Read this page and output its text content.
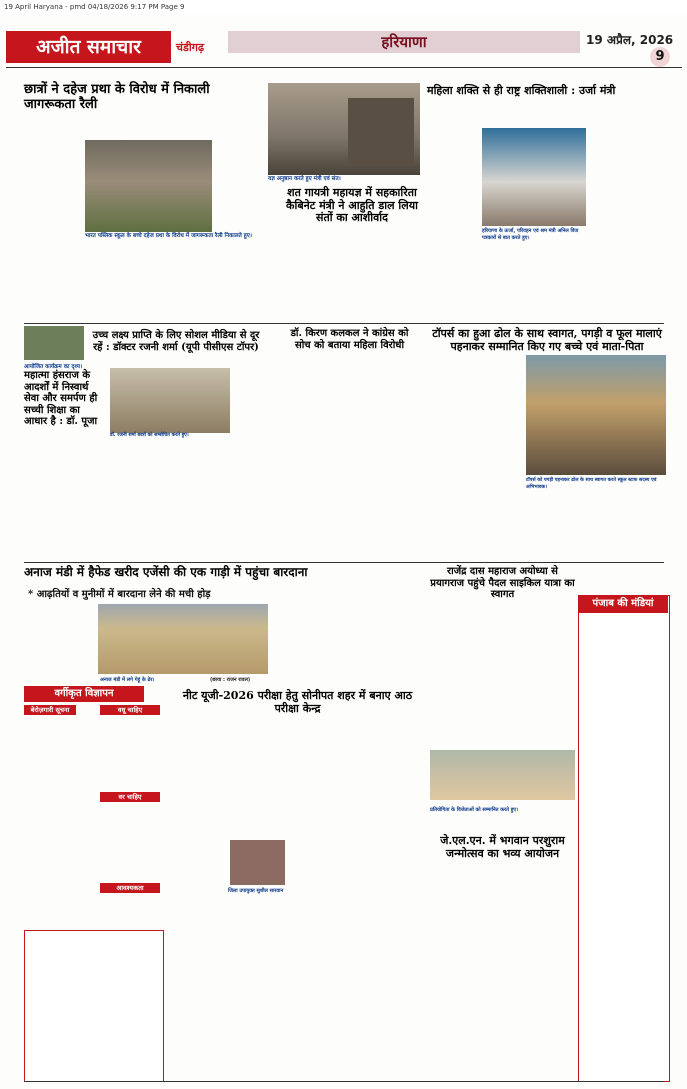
19 April Haryana - pmd 04/18/2026 9:17 PM Page 9
अजीत समाचार	चंडीगढ़	हरियाणा	19 अप्रैल, 2026
9
छात्रों ने दहेज प्रथा के विरोध में निकाली जागरूकता रैली
भारत पब्लिक स्कूल के बच्चे दहेज प्रथा के विरोध में जागरूकता रैली निकालते हुए।
यज्ञ अनुष्ठान करते हुए मंत्री एवं संत।
शत गायत्री महायज्ञ में सहकारिता कैबिनेट मंत्री ने आहुति डाल लिया संतों का आशीर्वाद
महिला शक्ति से ही राष्ट्र शक्तिशाली : उर्जा मंत्री
हरियाणा के ऊर्जा, परिवहन एवं श्रम मंत्री अनिल विज पत्रकारों से बात करते हुए।
आयोजित कार्यक्रम का दृश्य।
उच्च लक्ष्य प्राप्ति के लिए सोशल मीडिया से दूर रहें : डॉक्टर रजनी शर्मा (यूपी पीसीएस टॉपर)
डॉ. रजनी शर्मा छात्रों को सम्बोधित करते हुए।
महात्मा हंसराज के आदर्शों में निस्वार्थ सेवा और समर्पण ही सच्ची शिक्षा का आधार है : डॉ. पूजा
डॉ. किरण कलकल ने कांग्रेस को सोच को बताया महिला विरोधी
टॉपर्स का हुआ ढोल के साथ स्वागत, पगड़ी व फूल मालाएं पहनाकर सम्मानित किए गए बच्चे एवं माता-पिता
टॉपर्स को पगड़ी पहनाकर ढोल के साथ स्वागत करते स्कूल स्टाफ सदस्य एवं अभिभावक।
अनाज मंडी में हैफेड खरीद एजेंसी की एक गाड़ी में पहुंचा बारदाना
* आढ़तियों व मुनीमों में बारदाना लेने की मची होड़
अनाज मंडी में लगे गेहूं के ढेर।	(छाया : राजन रावल)
वर्गीकृत विज्ञापन
बेरोज़गारी सूचना	वधू चाहिए
वर चाहिए
आवश्यकता
नीट यूजी-2026 परीक्षा हेतु सोनीपत शहर में बनाए आठ परीक्षा केन्द्र
जिला उपायुक्त सुशील सारवान
राजेंद्र दास महाराज अयोध्या से प्रयागराज पहुंचे पैदल साइकिल यात्रा का स्वागत
प्रतियोगिता के विजेताओं को सम्मानित करते हुए।
पंजाब की मंडियां
जे.एल.एन. में भगवान परशुराम जन्मोत्सव का भव्य आयोजन
